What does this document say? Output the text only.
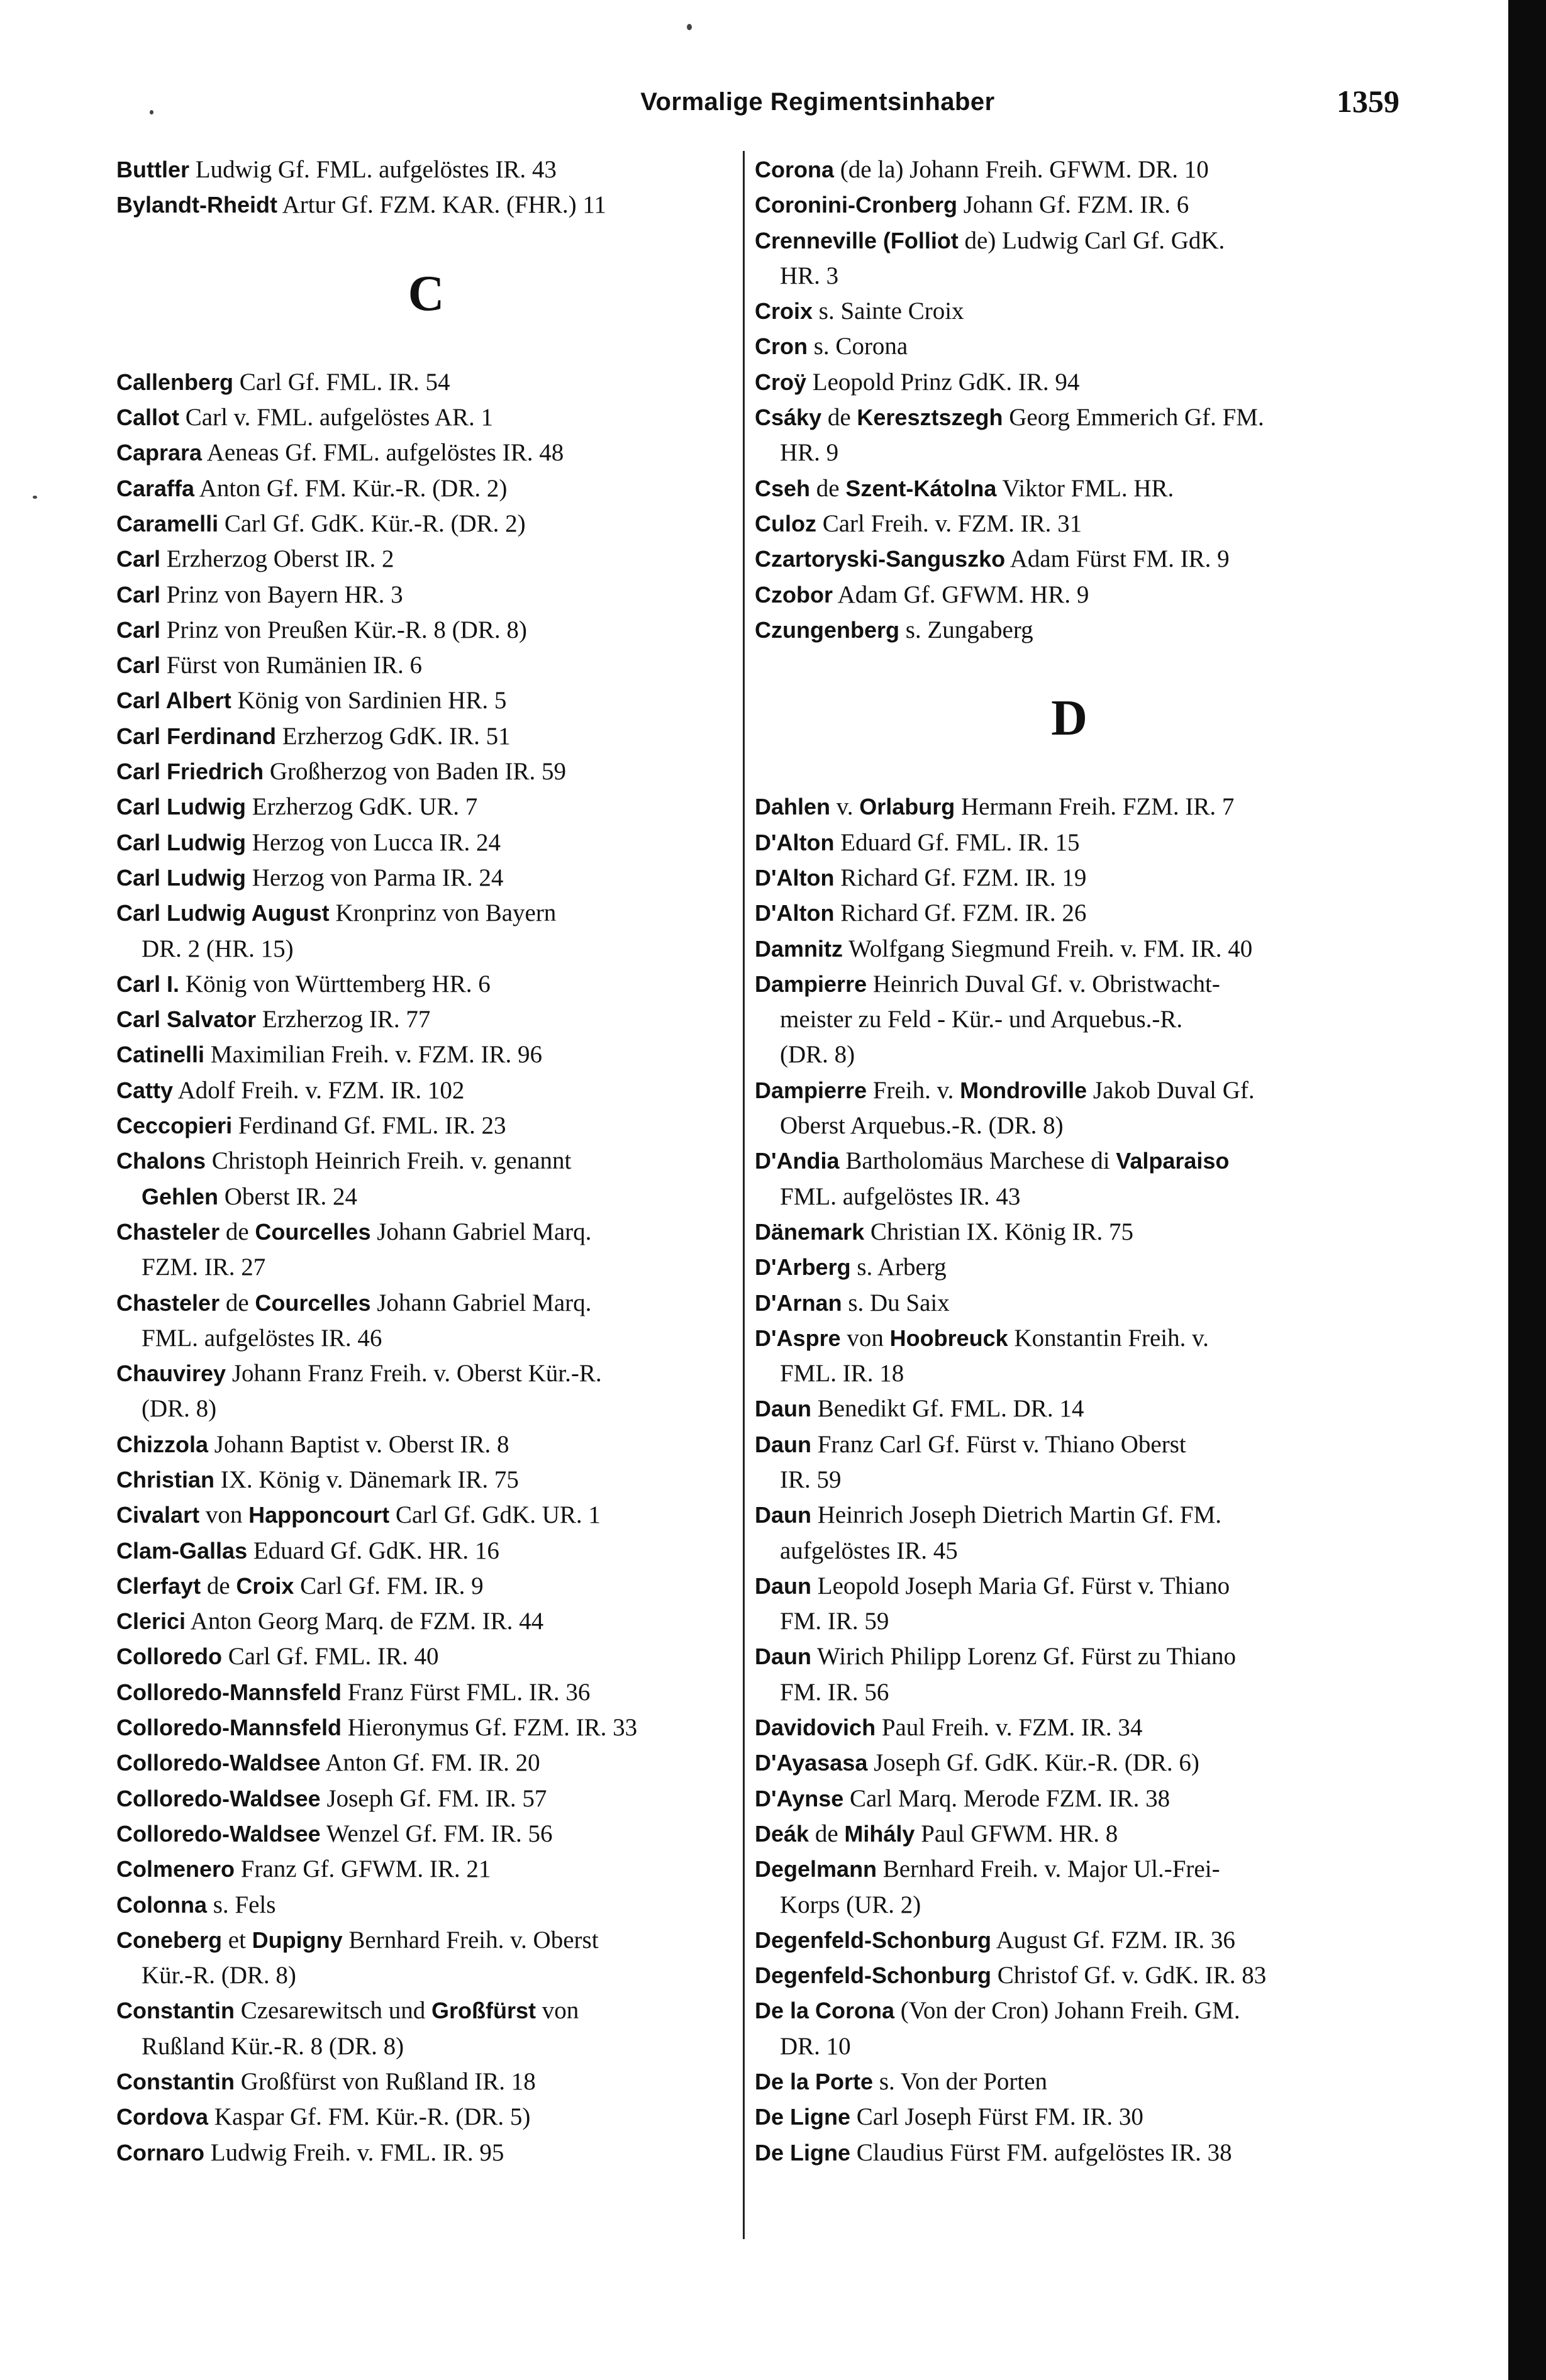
Vormalige Regimentsinhaber	1359
Buttler Ludwig Gf. FML. aufgelöstes IR. 43
Bylandt-Rheidt Artur Gf. FZM. KAR. (FHR.) 11
C
Callenberg Carl Gf. FML. IR. 54
Callot Carl v. FML. aufgelöstes AR. 1
Caprara Aeneas Gf. FML. aufgelöstes IR. 48
Caraffa Anton Gf. FM. Kür.-R. (DR. 2)
Caramelli Carl Gf. GdK. Kür.-R. (DR. 2)
Carl Erzherzog Oberst IR. 2
Carl Prinz von Bayern HR. 3
Carl Prinz von Preußen Kür.-R. 8 (DR. 8)
Carl Fürst von Rumänien IR. 6
Carl Albert König von Sardinien HR. 5
Carl Ferdinand Erzherzog GdK. IR. 51
Carl Friedrich Großherzog von Baden IR. 59
Carl Ludwig Erzherzog GdK. UR. 7
Carl Ludwig Herzog von Lucca IR. 24
Carl Ludwig Herzog von Parma IR. 24
Carl Ludwig August Kronprinz von Bayern
DR. 2 (HR. 15)
Carl I. König von Württemberg HR. 6
Carl Salvator Erzherzog IR. 77
Catinelli Maximilian Freih. v. FZM. IR. 96
Catty Adolf Freih. v. FZM. IR. 102
Ceccopieri Ferdinand Gf. FML. IR. 23
Chalons Christoph Heinrich Freih. v. genannt
Gehlen Oberst IR. 24
Chasteler de Courcelles Johann Gabriel Marq.
FZM. IR. 27
Chasteler de Courcelles Johann Gabriel Marq.
FML. aufgelöstes IR. 46
Chauvirey Johann Franz Freih. v. Oberst Kür.-R.
(DR. 8)
Chizzola Johann Baptist v. Oberst IR. 8
Christian IX. König v. Dänemark IR. 75
Civalart von Happoncourt Carl Gf. GdK. UR. 1
Clam-Gallas Eduard Gf. GdK. HR. 16
Clerfayt de Croix Carl Gf. FM. IR. 9
Clerici Anton Georg Marq. de FZM. IR. 44
Colloredo Carl Gf. FML. IR. 40
Colloredo-Mannsfeld Franz Fürst FML. IR. 36
Colloredo-Mannsfeld Hieronymus Gf. FZM. IR. 33
Colloredo-Waldsee Anton Gf. FM. IR. 20
Colloredo-Waldsee Joseph Gf. FM. IR. 57
Colloredo-Waldsee Wenzel Gf. FM. IR. 56
Colmenero Franz Gf. GFWM. IR. 21
Colonna s. Fels
Coneberg et Dupigny Bernhard Freih. v. Oberst
Kür.-R. (DR. 8)
Constantin Czesarewitsch und Großfürst von
Rußland Kür.-R. 8 (DR. 8)
Constantin Großfürst von Rußland IR. 18
Cordova Kaspar Gf. FM. Kür.-R. (DR. 5)
Cornaro Ludwig Freih. v. FML. IR. 95
Corona (de la) Johann Freih. GFWM. DR. 10
Coronini-Cronberg Johann Gf. FZM. IR. 6
Crenneville (Folliot de) Ludwig Carl Gf. GdK.
HR. 3
Croix s. Sainte Croix
Cron s. Corona
Croÿ Leopold Prinz GdK. IR. 94
Csáky de Keresztszegh Georg Emmerich Gf. FM.
HR. 9
Cseh de Szent-Kátolna Viktor FML. HR.
Culoz Carl Freih. v. FZM. IR. 31
Czartoryski-Sanguszko Adam Fürst FM. IR. 9
Czobor Adam Gf. GFWM. HR. 9
Czungenberg s. Zungaberg
D
Dahlen v. Orlaburg Hermann Freih. FZM. IR. 7
D'Alton Eduard Gf. FML. IR. 15
D'Alton Richard Gf. FZM. IR. 19
D'Alton Richard Gf. FZM. IR. 26
Damnitz Wolfgang Siegmund Freih. v. FM. IR. 40
Dampierre Heinrich Duval Gf. v. Obristwacht-
meister zu Feld - Kür.- und Arquebus.-R.
(DR. 8)
Dampierre Freih. v. Mondroville Jakob Duval Gf.
Oberst Arquebus.-R. (DR. 8)
D'Andia Bartholomäus Marchese di Valparaiso
FML. aufgelöstes IR. 43
Dänemark Christian IX. König IR. 75
D'Arberg s. Arberg
D'Arnan s. Du Saix
D'Aspre von Hoobreuck Konstantin Freih. v.
FML. IR. 18
Daun Benedikt Gf. FML. DR. 14
Daun Franz Carl Gf. Fürst v. Thiano Oberst
IR. 59
Daun Heinrich Joseph Dietrich Martin Gf. FM.
aufgelöstes IR. 45
Daun Leopold Joseph Maria Gf. Fürst v. Thiano
FM. IR. 59
Daun Wirich Philipp Lorenz Gf. Fürst zu Thiano
FM. IR. 56
Davidovich Paul Freih. v. FZM. IR. 34
D'Ayasasa Joseph Gf. GdK. Kür.-R. (DR. 6)
D'Aynse Carl Marq. Merode FZM. IR. 38
Deák de Mihály Paul GFWM. HR. 8
Degelmann Bernhard Freih. v. Major Ul.-Frei-
Korps (UR. 2)
Degenfeld-Schonburg August Gf. FZM. IR. 36
Degenfeld-Schonburg Christof Gf. v. GdK. IR. 83
De la Corona (Von der Cron) Johann Freih. GM.
DR. 10
De la Porte s. Von der Porten
De Ligne Carl Joseph Fürst FM. IR. 30
De Ligne Claudius Fürst FM. aufgelöstes IR. 38
